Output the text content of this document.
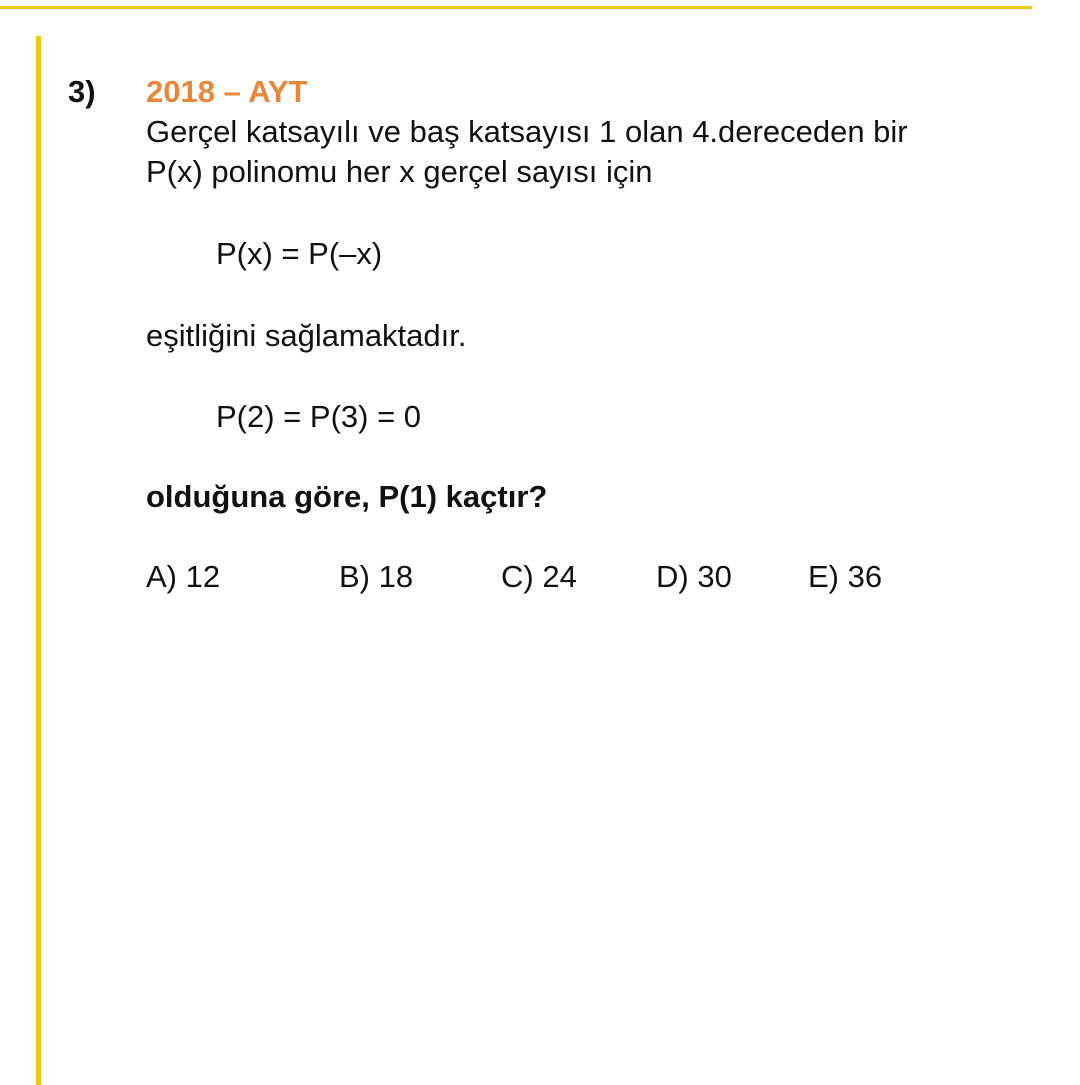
3) 2018 – AYT

Gerçel katsayılı ve baş katsayısı 1 olan 4.dereceden bir

P(x) polinomu her x gerçel sayısı için

P(x) = P(–x)

eşitliğini sağlamaktadır.

P(2) = P(3) = 0

olduğuna göre, P(1) kaçtır?

A) 12	B) 18	C) 24	D) 30 E) 36
